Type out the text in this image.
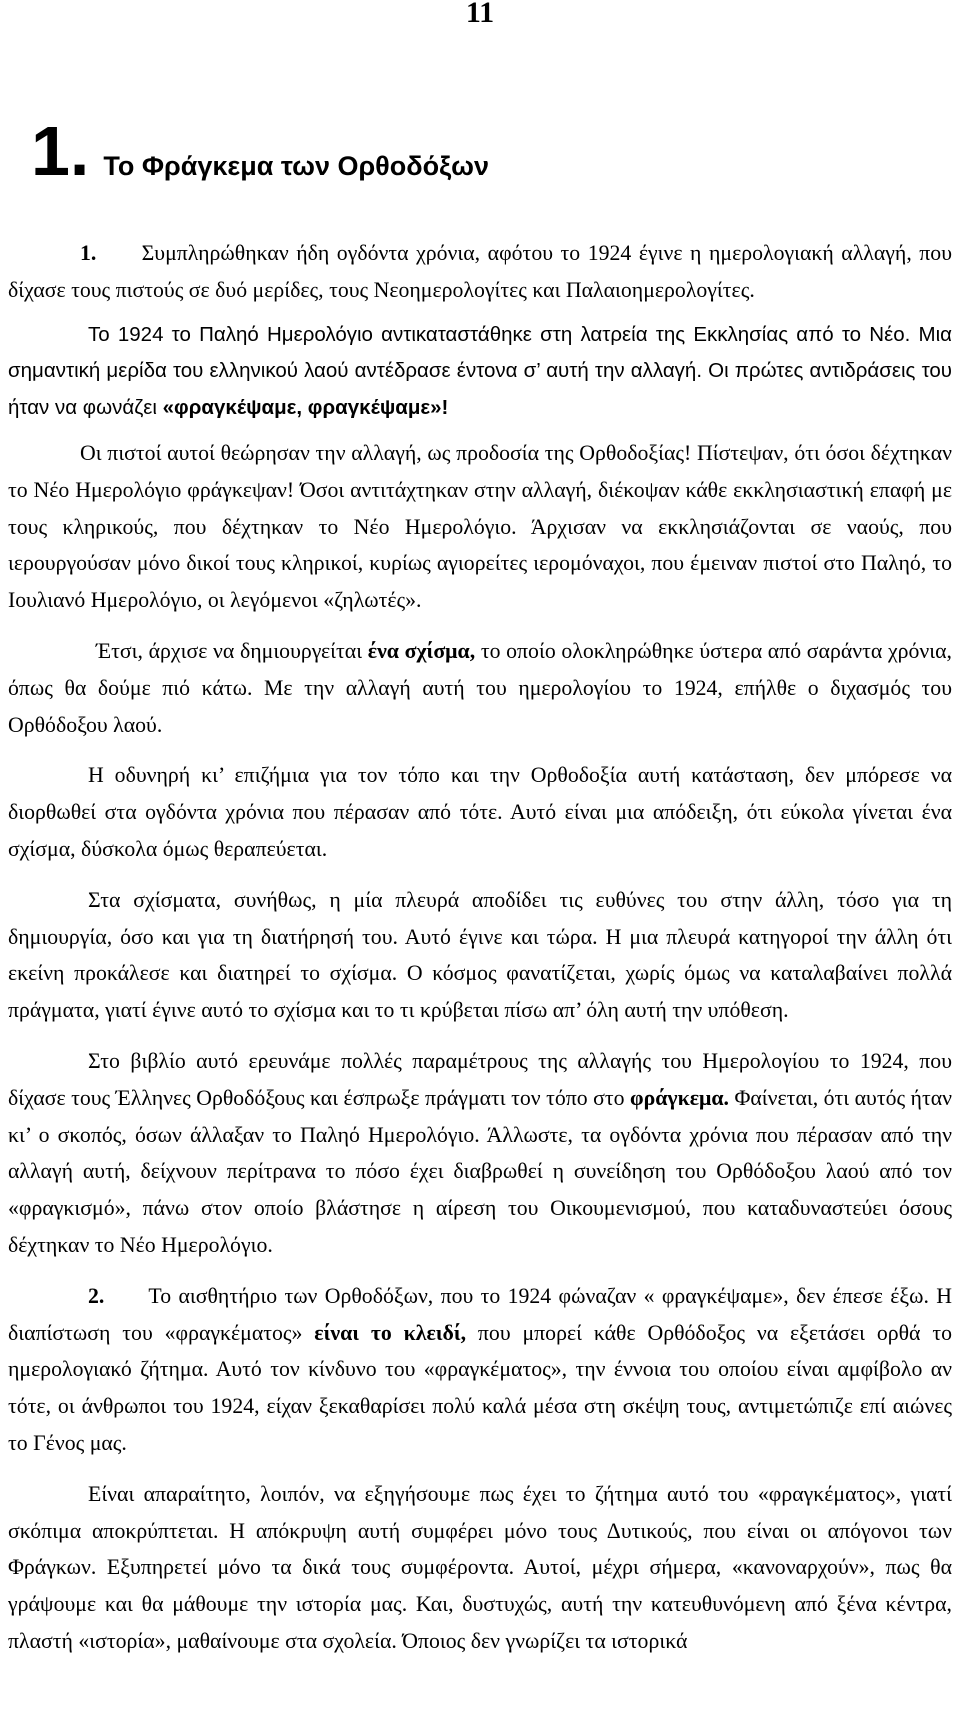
11
1. Το Φράγκεμα των Ορθοδόξων

1. Συμπληρώθηκαν ήδη ογδόντα χρόνια, αφότου το 1924 έγινε η ημερολογιακή αλλαγή, που δίχασε τους πιστούς σε δυό μερίδες, τους Νεοημερολογίτες και Παλαιοημερολογίτες.

Το 1924 το Παληό Ημερολόγιο αντικαταστάθηκε στη λατρεία της Εκκλησίας από το Νέο. Μια σημαντική μερίδα του ελληνικού λαού αντέδρασε έντονα σ’ αυτή την αλλαγή. Οι πρώτες αντιδράσεις του ήταν να φωνάζει «φραγκέψαμε, φραγκέψαμε»!

Οι πιστοί αυτοί θεώρησαν την αλλαγή, ως προδοσία της Ορθοδοξίας! Πίστεψαν, ότι όσοι δέχτηκαν το Νέο Ημερολόγιο φράγκεψαν! Όσοι αντιτάχτηκαν στην αλλαγή, διέκοψαν κάθε εκκλησιαστική επαφή με τους κληρικούς, που δέχτηκαν το Νέο Ημερολόγιο. Άρχισαν να εκκλησιάζονται σε ναούς, που ιερουργούσαν μόνο δικοί τους κληρικοί, κυρίως αγιορείτες ιερομόναχοι, που έμειναν πιστοί στο Παληό, το Ιουλιανό Ημερολόγιο, οι λεγόμενοι «ζηλωτές».

Έτσι, άρχισε να δημιουργείται ένα σχίσμα, το οποίο ολοκληρώθηκε ύστερα από σαράντα χρόνια, όπως θα δούμε πιό κάτω. Με την αλλαγή αυτή του ημερολογίου το 1924, επήλθε ο διχασμός του Ορθόδοξου λαού.

Η οδυνηρή κι’ επιζήμια για τον τόπο και την Ορθοδοξία αυτή κατάσταση, δεν μπόρεσε να διορθωθεί στα ογδόντα χρόνια που πέρασαν από τότε. Αυτό είναι μια απόδειξη, ότι εύκολα γίνεται ένα σχίσμα, δύσκολα όμως θεραπεύεται.

Στα σχίσματα, συνήθως, η μία πλευρά αποδίδει τις ευθύνες του στην άλλη, τόσο για τη δημιουργία, όσο και για τη διατήρησή του. Αυτό έγινε και τώρα. Η μια πλευρά κατηγοροί την άλλη ότι εκείνη προκάλεσε και διατηρεί το σχίσμα. Ο κόσμος φανατίζεται, χωρίς όμως να καταλαβαίνει πολλά πράγματα, γιατί έγινε αυτό το σχίσμα και το τι κρύβεται πίσω απ’ όλη αυτή την υπόθεση.

Στο βιβλίο αυτό ερευνάμε πολλές παραμέτρους της αλλαγής του Ημερολογίου το 1924, που δίχασε τους Έλληνες Ορθοδόξους και έσπρωξε πράγματι τον τόπο στο φράγκεμα. Φαίνεται, ότι αυτός ήταν κι’ ο σκοπός, όσων άλλαξαν το Παληό Ημερολόγιο. Άλλωστε, τα ογδόντα χρόνια που πέρασαν από την αλλαγή αυτή, δείχνουν περίτρανα το πόσο έχει διαβρωθεί η συνείδηση του Ορθόδοξου λαού από τον «φραγκισμό», πάνω στον οποίο βλάστησε η αίρεση του Οικουμενισμού, που καταδυναστεύει όσους δέχτηκαν το Νέο Ημερολόγιο.

2. Το αισθητήριο των Ορθοδόξων, που το 1924 φώναζαν « φραγκέψαμε», δεν έπεσε έξω. Η διαπίστωση του «φραγκέματος» είναι το κλειδί, που μπορεί κάθε Ορθόδοξος να εξετάσει ορθά το ημερολογιακό ζήτημα. Αυτό τον κίνδυνο του «φραγκέματος», την έννοια του οποίου είναι αμφίβολο αν τότε, οι άνθρωποι του 1924, είχαν ξεκαθαρίσει πολύ καλά μέσα στη σκέψη τους, αντιμετώπιζε επί αιώνες το Γένος μας.

Είναι απαραίτητο, λοιπόν, να εξηγήσουμε πως έχει το ζήτημα αυτό του «φραγκέματος», γιατί σκόπιμα αποκρύπτεται. Η απόκρυψη αυτή συμφέρει μόνο τους Δυτικούς, που είναι οι απόγονοι των Φράγκων. Εξυπηρετεί μόνο τα δικά τους συμφέροντα. Αυτοί, μέχρι σήμερα, «κανοναρχούν», πως θα γράψουμε και θα μάθουμε την ιστορία μας. Και, δυστυχώς, αυτή την κατευθυνόμενη από ξένα κέντρα, πλαστή «ιστορία», μαθαίνουμε στα σχολεία. Όποιος δεν γνωρίζει τα ιστορικά
